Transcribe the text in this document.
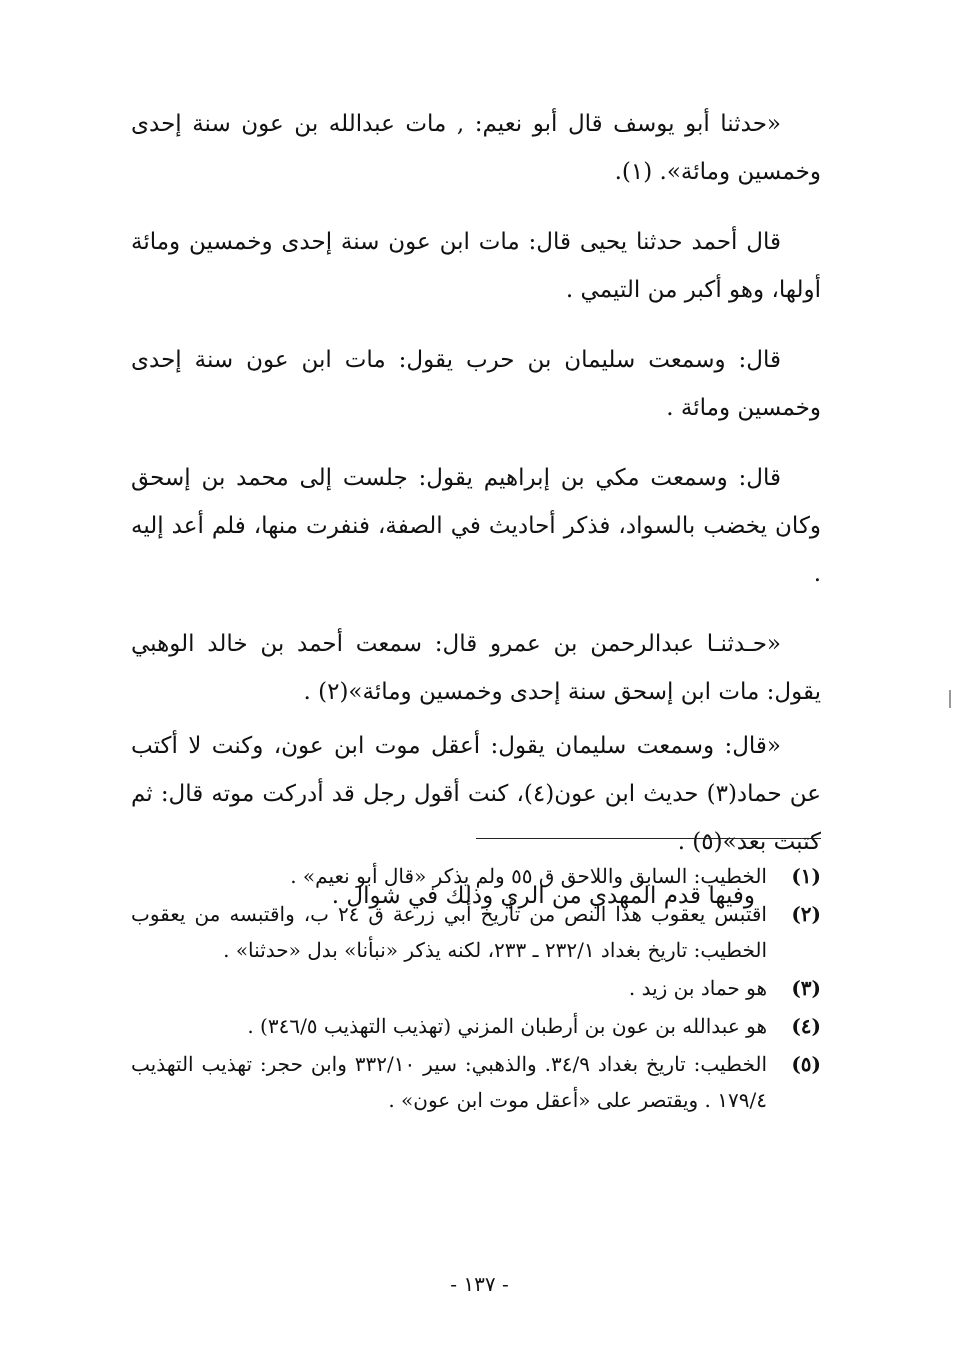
«حدثنا أبو يوسف قال أبو نعيم: , مات عبدالله بن عون سنة إحدى وخمسين ومائة». (١).

قال أحمد حدثنا يحيى قال: مات ابن عون سنة إحدى وخمسين ومائة أولها، وهو أكبر من التيمي .

قال: وسمعت سليمان بن حرب يقول: مات ابن عون سنة إحدى وخمسين ومائة .

قال: وسمعت مكي بن إبراهيم يقول: جلست إلى محمد بن إسحق وكان يخضب بالسواد، فذكر أحاديث في الصفة، فنفرت منها، فلم أعد إليه .

«حـدثنـا عبدالرحمن بن عمرو قال: سمعت أحمد بن خالد الوهبي يقول: مات ابن إسحق سنة إحدى وخمسين ومائة»(٢) .

«قال: وسمعت سليمان يقول: أعقل موت ابن عون، وكنت لا أكتب عن حماد(٣) حديث ابن عون(٤)، كنت أقول رجل قد أدركت موته قال: ثم كتبت بعد»(٥) .

وفيها قدم المهدي من الري وذلك في شوال .

(١)
الخطيب: السابق واللاحق ق ٥٥ ولم يذكر «قال أبو نعيم» .
(٢)
اقتبس يعقوب هذا النص من تأريخ أبي زرعة ق ٢٤ ب، واقتبسه من يعقوب الخطيب: تاريخ بغداد ٢٣٢/١ ـ ٢٣٣، لكنه يذكر «نبأنا» بدل «حدثنا» .
(٣)
هو حماد بن زيد .
(٤)
هو عبدالله بن عون بن أرطبان المزني (تهذيب التهذيب ٣٤٦/٥) .
(٥)
الخطيب: تاريخ بغداد ٣٤/٩. والذهبي: سير ٣٣٢/١٠ وابن حجر: تهذيب التهذيب ١٧٩/٤ . ويقتصر على «أعقل موت ابن عون» .
- ١٣٧ -
